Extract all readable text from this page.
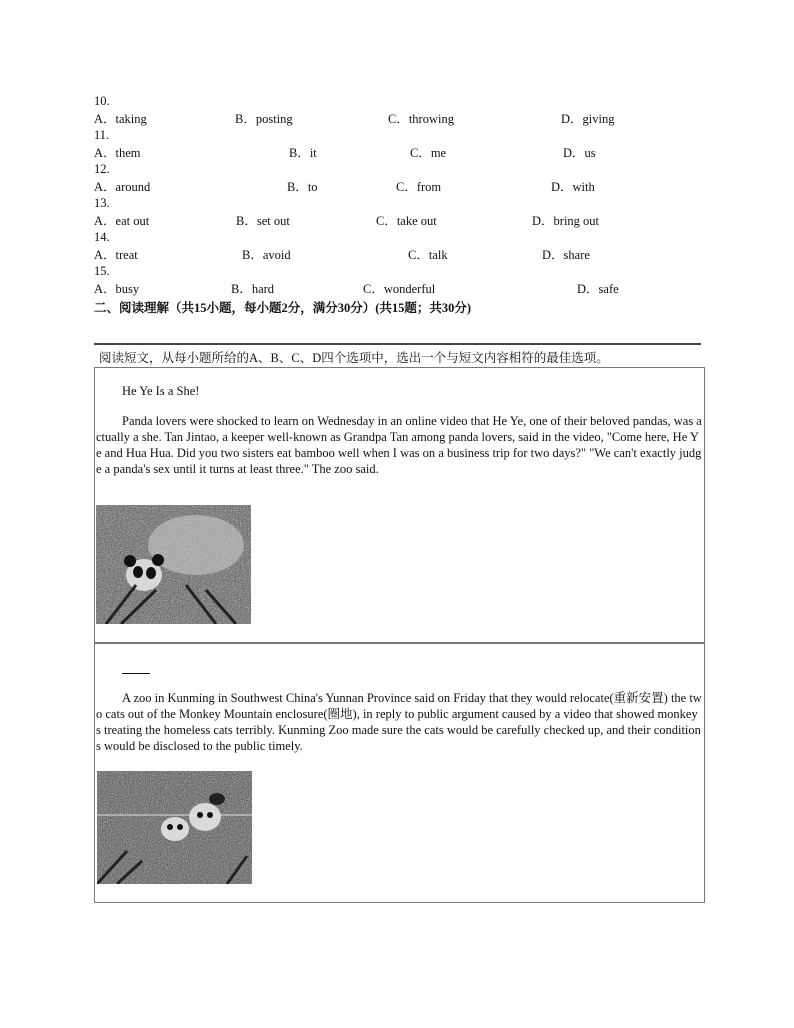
10.
A．taking	B．posting	C．throwing	D．giving
11.
A．them	B．it	C．me	D．us
12.
A．around	B．to	C．from	D．with
13.
A．eat out	B．set out	C．take out	D．bring out
14.
A．treat	B．avoid	C．talk	D．share
15.
A．busy	B．hard	C．wonderful	D．safe
二、阅读理解（共15小题，每小题2分，满分30分）(共15题；共30分)
阅读短文，从每小题所给的A、B、C、D四个选项中，选出一个与短文内容相符的最佳选项。
He Ye Is a She!
Panda lovers were shocked to learn on Wednesday in an online video that He Ye, one of their beloved pandas, was actually a she. Tan Jintao, a keeper well-known as Grandpa Tan among panda lovers, said in the video, "Come here, He Ye and Hua Hua. Did you two sisters eat bamboo well when I was on a business trip for two days?" "We can't exactly judge a panda's sex until it turns at least three." The zoo said.
A zoo in Kunming in Southwest China's Yunnan Province said on Friday that they would relocate(重新安置) the two cats out of the Monkey Mountain enclosure(圈地), in reply to public argument caused by a video that showed monkeys treating the homeless cats terribly. Kunming Zoo made sure the cats would be carefully checked up, and their conditions would be disclosed to the public timely.
